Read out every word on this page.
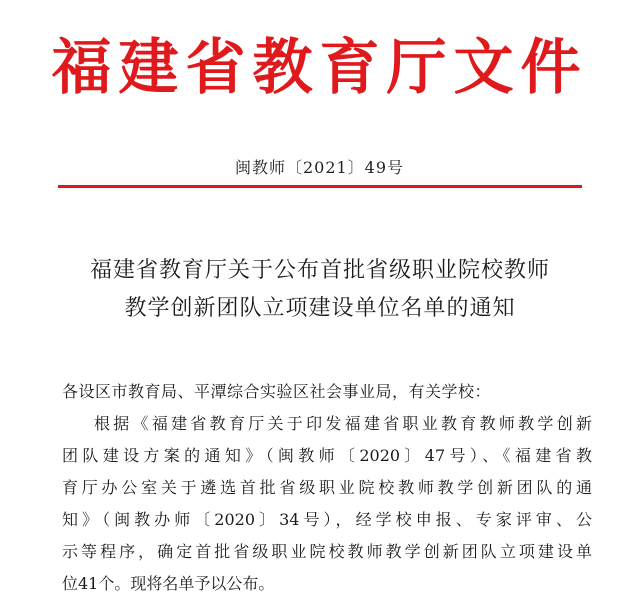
福建省教育厅文件
闽教师〔2021〕49号
福建省教育厅关于公布首批省级职业院校教师
教学创新团队立项建设单位名单的通知
各设区市教育局、平潭综合实验区社会事业局，有关学校：
根据《福建省教育厅关于印发福建省职业教育教师教学创新
团队建设方案的通知》（闽教师〔2020〕47号）、《福建省教
育厅办公室关于遴选首批省级职业院校教师教学创新团队的通
知》（闽教办师〔2020〕34号），经学校申报、专家评审、公
示等程序，确定首批省级职业院校教师教学创新团队立项建设单
位41个。现将名单予以公布。
